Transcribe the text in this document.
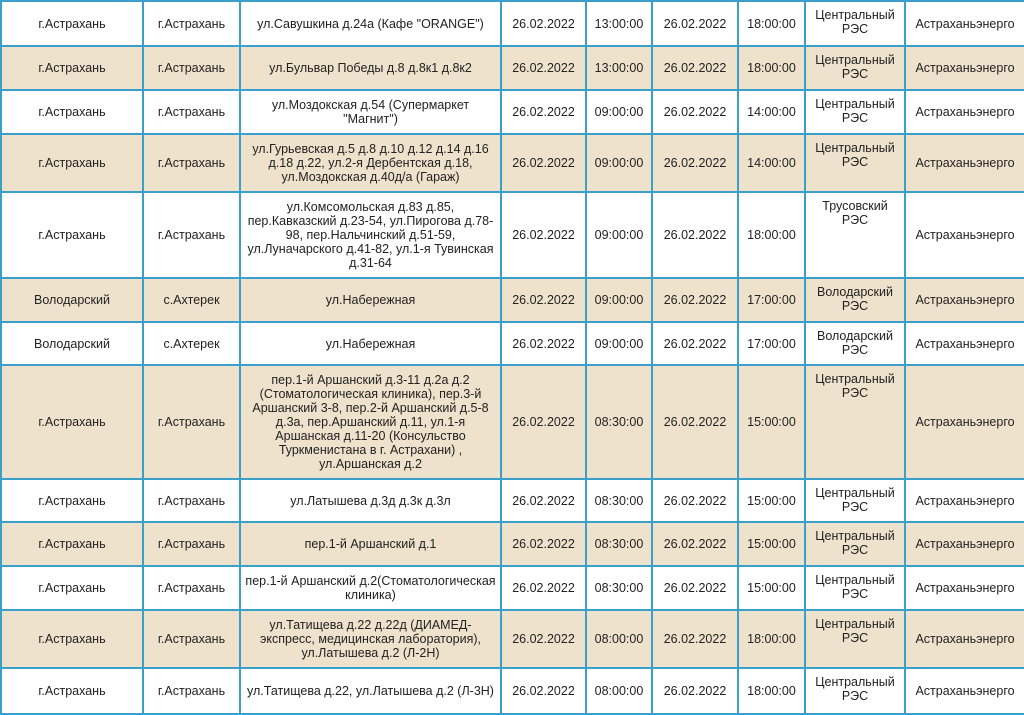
г.Астрахань	г.Астрахань	ул.Савушкина д.24а (Кафе "ORANGE")	26.02.2022	13:00:00	26.02.2022	18:00:00	Центральный РЭС	Астраханьэнерго
г.Астрахань	г.Астрахань	ул.Бульвар Победы д.8 д.8к1 д.8к2	26.02.2022	13:00:00	26.02.2022	18:00:00	Центральный РЭС	Астраханьэнерго
г.Астрахань	г.Астрахань	ул.Моздокская д.54 (Супермаркет "Магнит")	26.02.2022	09:00:00	26.02.2022	14:00:00	Центральный РЭС	Астраханьэнерго
г.Астрахань	г.Астрахань	ул.Гурьевская д.5 д.8 д.10 д.12 д.14 д.16 д.18 д.22, ул.2-я Дербентская д.18, ул.Моздокская д.40д/а (Гараж)	26.02.2022	09:00:00	26.02.2022	14:00:00	Центральный РЭС	Астраханьэнерго
г.Астрахань	г.Астрахань	ул.Комсомольская д.83 д.85, пер.Кавказский д.23-54, ул.Пирогова д.78-98, пер.Нальчинский д.51-59, ул.Луначарского д.41-82, ул.1-я Тувинская д.31-64	26.02.2022	09:00:00	26.02.2022	18:00:00	Трусовский РЭС	Астраханьэнерго
Володарский	с.Ахтерек	ул.Набережная	26.02.2022	09:00:00	26.02.2022	17:00:00	Володарский РЭС	Астраханьэнерго
Володарский	с.Ахтерек	ул.Набережная	26.02.2022	09:00:00	26.02.2022	17:00:00	Володарский РЭС	Астраханьэнерго
г.Астрахань	г.Астрахань	пер.1-й Аршанский д.3-11 д.2а д.2 (Стоматологическая клиника), пер.3-й Аршанский 3-8, пер.2-й Аршанский д.5-8 д.3а, пер.Аршанский д.11, ул.1-я Аршанская д.11-20 (Консульство Туркменистана в г. Астрахани) , ул.Аршанская д.2	26.02.2022	08:30:00	26.02.2022	15:00:00	Центральный РЭС	Астраханьэнерго
г.Астрахань	г.Астрахань	ул.Латышева д.3д д.3к д.3л	26.02.2022	08:30:00	26.02.2022	15:00:00	Центральный РЭС	Астраханьэнерго
г.Астрахань	г.Астрахань	пер.1-й Аршанский д.1	26.02.2022	08:30:00	26.02.2022	15:00:00	Центральный РЭС	Астраханьэнерго
г.Астрахань	г.Астрахань	пер.1-й Аршанский д.2(Стоматологическая клиника)	26.02.2022	08:30:00	26.02.2022	15:00:00	Центральный РЭС	Астраханьэнерго
г.Астрахань	г.Астрахань	ул.Татищева д.22 д.22д (ДИАМЕД-экспресс, медицинская лаборатория), ул.Латышева д.2 (Л-2Н)	26.02.2022	08:00:00	26.02.2022	18:00:00	Центральный РЭС	Астраханьэнерго
г.Астрахань	г.Астрахань	ул.Татищева д.22, ул.Латышева д.2 (Л-3Н)	26.02.2022	08:00:00	26.02.2022	18:00:00	Центральный РЭС	Астраханьэнерго
